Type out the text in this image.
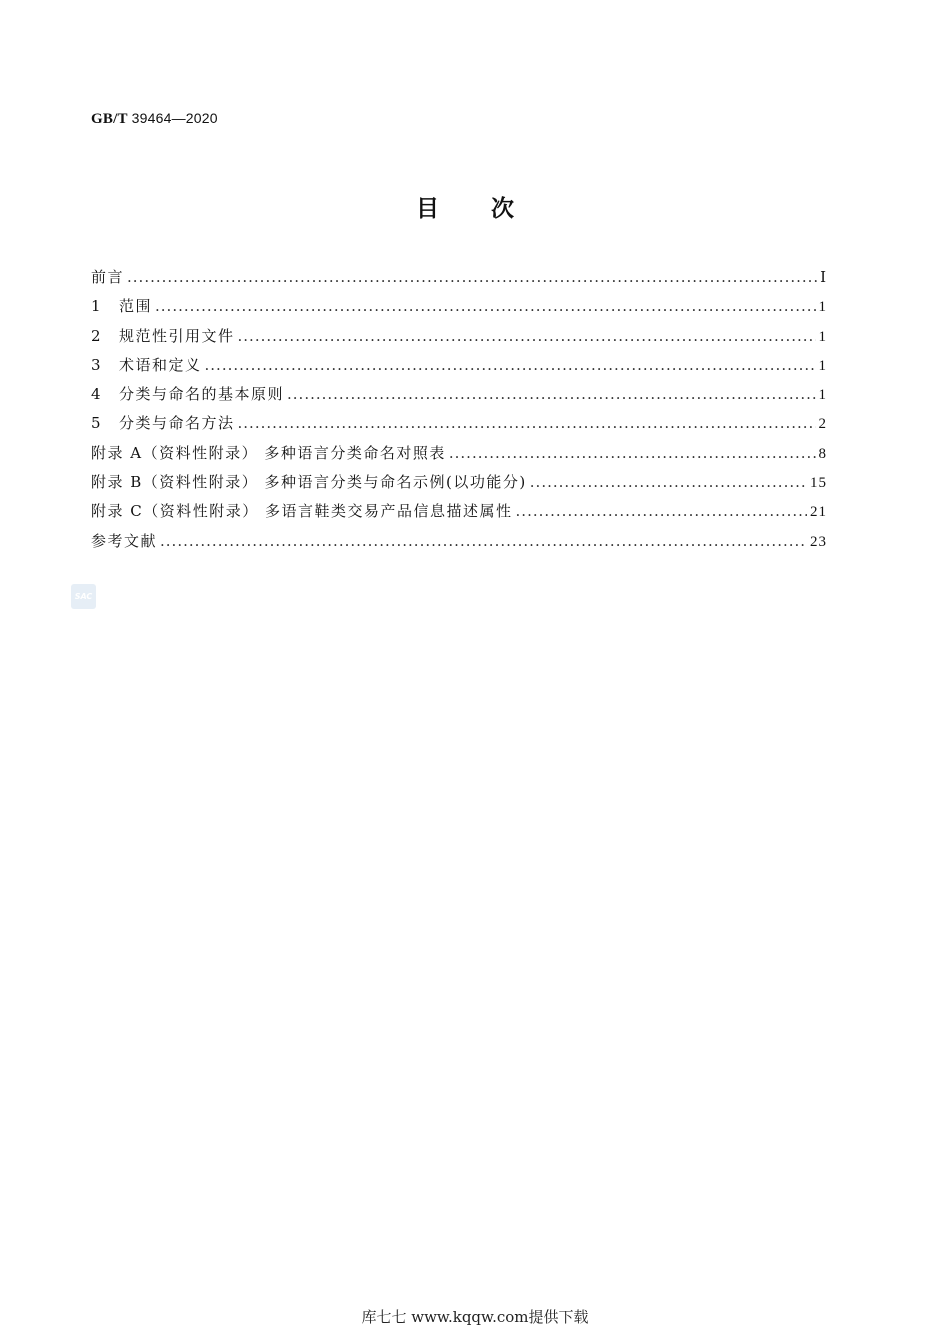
GB/T 39464—2020
目次
前言 .....	Ⅰ
1	范围 .....	1
2	规范性引用文件 .....	1
3	术语和定义 .....	1
4	分类与命名的基本原则 .....	1
5	分类与命名方法 .....	2
附录 A（资料性附录） 多种语言分类命名对照表 .....	8
附录 B（资料性附录） 多种语言分类与命名示例(以功能分) .....	15
附录 C（资料性附录） 多语言鞋类交易产品信息描述属性 .....	21
参考文献 .....	23
SAC
库七七 www.kqqw.com提供下载
